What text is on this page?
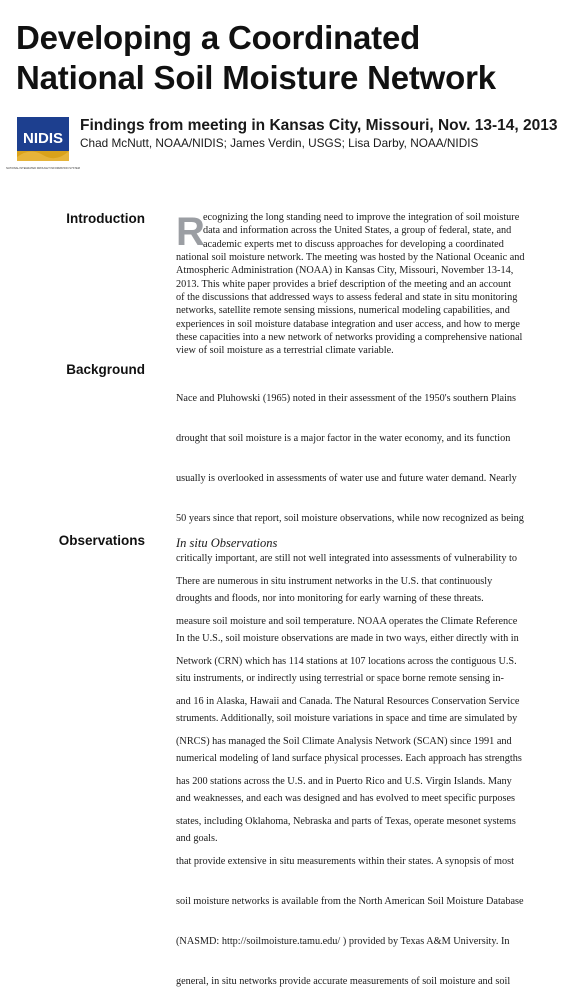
Developing a Coordinated
National Soil Moisture Network
NIDIS
NATIONAL INTEGRATED DROUGHT INFORMATION SYSTEM
Findings from meeting in Kansas City, Missouri, Nov. 13-14, 2013
Chad McNutt, NOAA/NIDIS; James Verdin, USGS; Lisa Darby, NOAA/NIDIS
Introduction R
ecognizing the long standing need to improve the integration of soil moisture
data and information across the United States, a group of federal, state, and
academic experts met to discuss approaches for developing a coordinated
national soil moisture network. The meeting was hosted by the National Oceanic and
Atmospheric Administration (NOAA) in Kansas City, Missouri, November 13-14,
2013. This white paper provides a brief description of the meeting and an account
of the discussions that addressed ways to assess federal and state in situ monitoring
networks, satellite remote sensing missions, numerical modeling capabilities, and
experiences in soil moisture database integration and user access, and how to merge
these capacities into a new network of networks providing a comprehensive national
view of soil moisture as a terrestrial climate variable.
Background

Nace and Pluhowski (1965) noted in their assessment of the 1950's southern Plains

drought that soil moisture is a major factor in the water economy, and its function

usually is overlooked in assessments of water use and future water demand. Nearly

50 years since that report, soil moisture observations, while now recognized as being

critically important, are still not well integrated into assessments of vulnerability to

droughts and floods, nor into monitoring for early warning of these threats.

In the U.S., soil moisture observations are made in two ways, either directly with in

situ instruments, or indirectly using terrestrial or space borne remote sensing in-

struments. Additionally, soil moisture variations in space and time are simulated by

numerical modeling of land surface physical processes. Each approach has strengths

and weaknesses, and each was designed and has evolved to meet specific purposes

and goals.

Observations In situ Observations

There are numerous in situ instrument networks in the U.S. that continuously

measure soil moisture and soil temperature. NOAA operates the Climate Reference

Network (CRN) which has 114 stations at 107 locations across the contiguous U.S.

and 16 in Alaska, Hawaii and Canada. The Natural Resources Conservation Service

(NRCS) has managed the Soil Climate Analysis Network (SCAN) since 1991 and

has 200 stations across the U.S. and in Puerto Rico and U.S. Virgin Islands. Many

states, including Oklahoma, Nebraska and parts of Texas, operate mesonet systems

that provide extensive in situ measurements within their states. A synopsis of most

soil moisture networks is available from the North American Soil Moisture Database

(NASMD: http://soilmoisture.tamu.edu/ ) provided by Texas A&M University. In

general, in situ networks provide accurate measurements of soil moisture and soil
